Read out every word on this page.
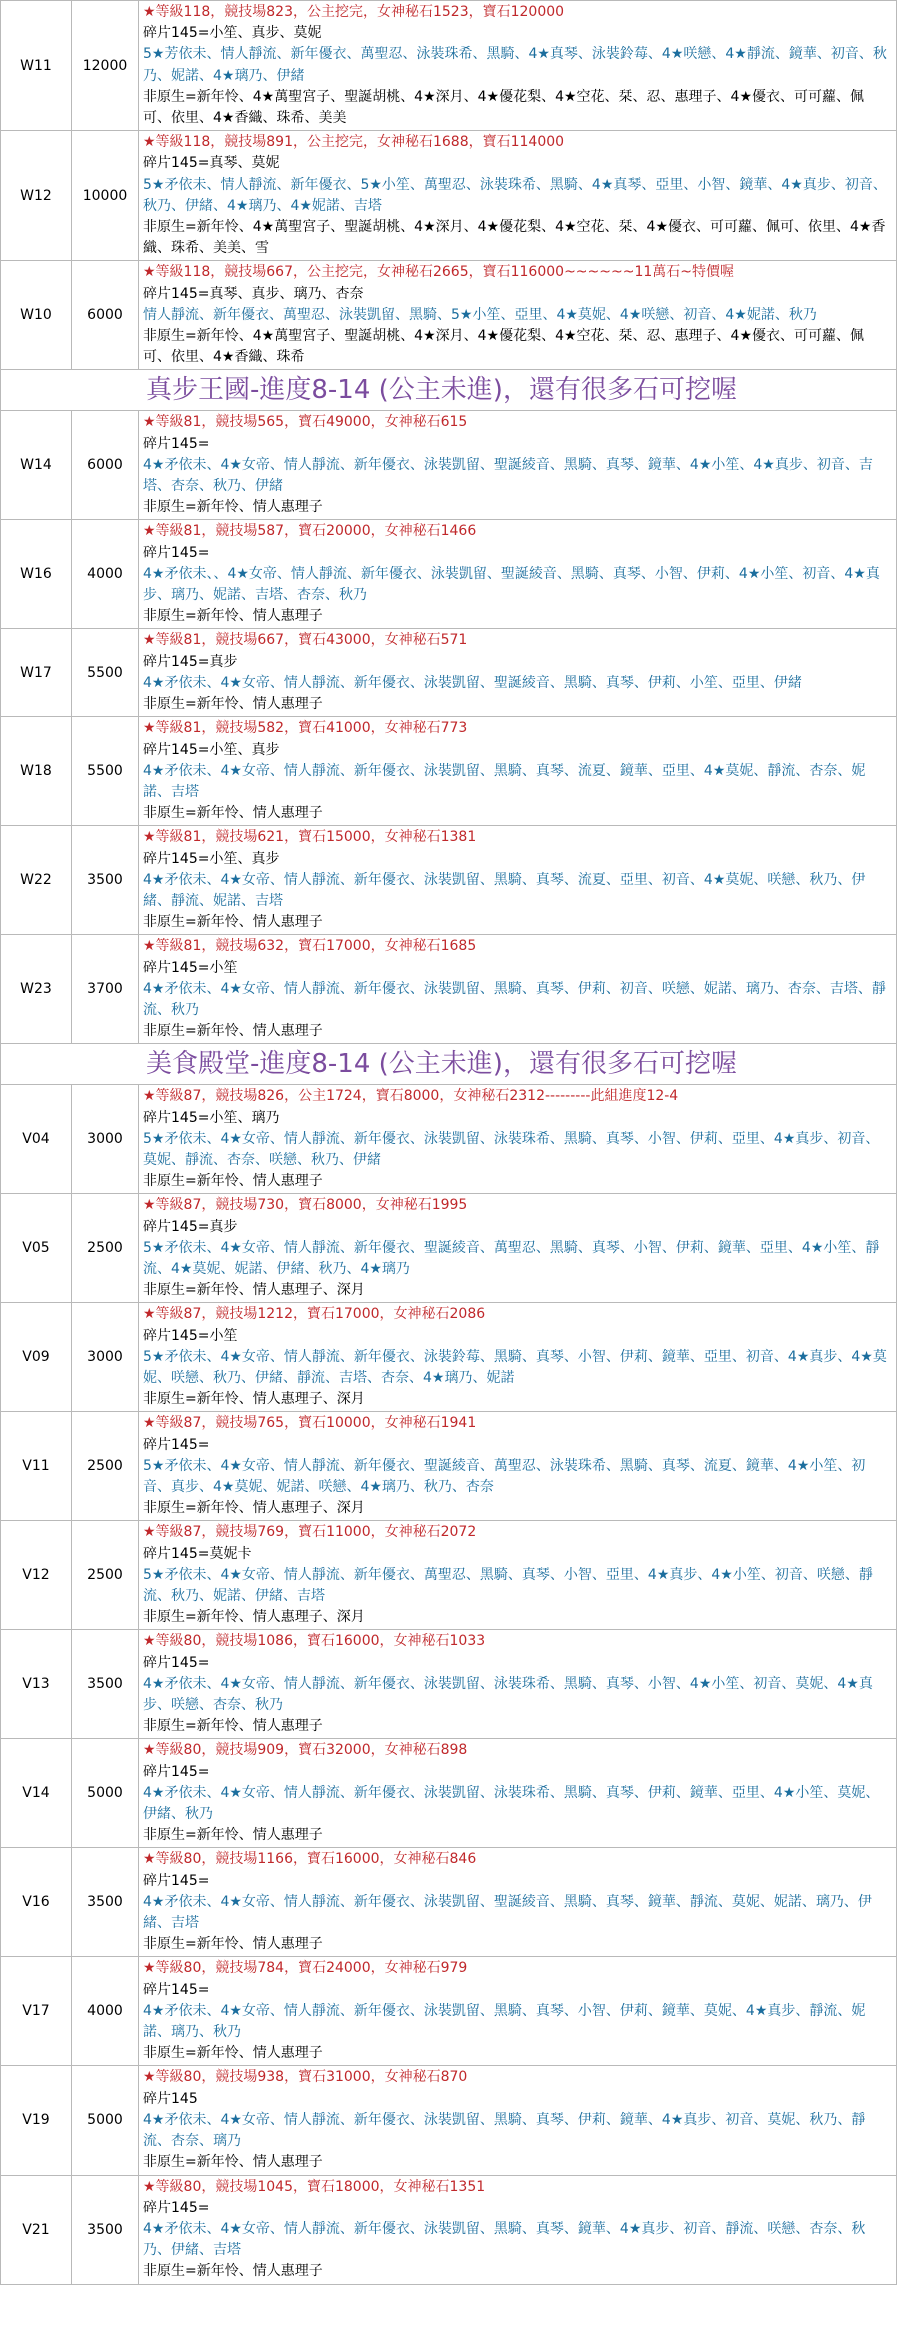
W11	12000	★等級118，競技場823，公主挖完，女神秘石1523，寶石120000
碎片145=小笙、真步、莫妮
5★芳依未、情人靜流、新年優衣、萬聖忍、泳裝珠希、黑騎、4★真琴、泳裝鈴莓、4★咲戀、4★靜流、鏡華、初音、秋乃、妮諾、4★璃乃、伊緒
非原生=新年怜、4★萬聖宮子、聖誕胡桃、4★深月、4★優花梨、4★空花、栞、忍、惠理子、4★優衣、可可蘿、佩可、依里、4★香織、珠希、美美

W12	10000	★等級118，競技場891，公主挖完，女神秘石1688，寶石114000
碎片145=真琴、莫妮
5★矛依未、情人靜流、新年優衣、5★小笙、萬聖忍、泳裝珠希、黑騎、4★真琴、亞里、小智、鏡華、4★真步、初音、秋乃、伊緒、4★璃乃、4★妮諾、吉塔
非原生=新年怜、4★萬聖宮子、聖誕胡桃、4★深月、4★優花梨、4★空花、栞、4★優衣、可可蘿、佩可、依里、4★香織、珠希、美美、雪

W10	6000	★等級118，競技場667，公主挖完，女神秘石2665，寶石116000~~~~~~11萬石~特價喔
碎片145=真琴、真步、璃乃、杏奈
情人靜流、新年優衣、萬聖忍、泳裝凱留、黑騎、5★小笙、亞里、4★莫妮、4★咲戀、初音、4★妮諾、秋乃
非原生=新年怜、4★萬聖宮子、聖誕胡桃、4★深月、4★優花梨、4★空花、栞、忍、惠理子、4★優衣、可可蘿、佩可、依里、4★香織、珠希

真步王國-進度8-14 (公主未進)，還有很多石可挖喔		
W14	6000	★等級81，競技場565，寶石49000，女神秘石615
碎片145=
4★矛依未、4★女帝、情人靜流、新年優衣、泳裝凱留、聖誕綾音、黑騎、真琴、鏡華、4★小笙、4★真步、初音、吉塔、杏奈、秋乃、伊緒
非原生=新年怜、情人惠理子

W16	4000	★等級81，競技場587，寶石20000，女神秘石1466
碎片145=
4★矛依未、、4★女帝、情人靜流、新年優衣、泳裝凱留、聖誕綾音、黑騎、真琴、小智、伊莉、4★小笙、初音、4★真步、璃乃、妮諾、吉塔、杏奈、秋乃
非原生=新年怜、情人惠理子

W17	5500	★等級81，競技場667，寶石43000，女神秘石571
碎片145=真步
4★矛依未、4★女帝、情人靜流、新年優衣、泳裝凱留、聖誕綾音、黑騎、真琴、伊莉、小笙、亞里、伊緒
非原生=新年怜、情人惠理子

W18	5500	★等級81，競技場582，寶石41000，女神秘石773
碎片145=小笙、真步
4★矛依未、4★女帝、情人靜流、新年優衣、泳裝凱留、黑騎、真琴、流夏、鏡華、亞里、4★莫妮、靜流、杏奈、妮諾、吉塔
非原生=新年怜、情人惠理子

W22	3500	★等級81，競技場621，寶石15000，女神秘石1381
碎片145=小笙、真步
4★矛依未、4★女帝、情人靜流、新年優衣、泳裝凱留、黑騎、真琴、流夏、亞里、初音、4★莫妮、咲戀、秋乃、伊緒、靜流、妮諾、吉塔
非原生=新年怜、情人惠理子

W23	3700	★等級81，競技場632，寶石17000，女神秘石1685
碎片145=小笙
4★矛依未、4★女帝、情人靜流、新年優衣、泳裝凱留、黑騎、真琴、伊莉、初音、咲戀、妮諾、璃乃、杏奈、吉塔、靜流、秋乃
非原生=新年怜、情人惠理子

美食殿堂-進度8-14 (公主未進)，還有很多石可挖喔		
V04	3000	★等級87，競技場826，公主1724，寶石8000，女神秘石2312---------此組進度12-4
碎片145=小笙、璃乃
5★矛依未、4★女帝、情人靜流、新年優衣、泳裝凱留、泳裝珠希、黑騎、真琴、小智、伊莉、亞里、4★真步、初音、莫妮、靜流、杏奈、咲戀、秋乃、伊緒
非原生=新年怜、情人惠理子

V05	2500	★等級87，競技場730，寶石8000，女神秘石1995
碎片145=真步
5★矛依未、4★女帝、情人靜流、新年優衣、聖誕綾音、萬聖忍、黑騎、真琴、小智、伊莉、鏡華、亞里、4★小笙、靜流、4★莫妮、妮諾、伊緒、秋乃、4★璃乃
非原生=新年怜、情人惠理子、深月

V09	3000	★等級87，競技場1212，寶石17000，女神秘石2086
碎片145=小笙
5★矛依未、4★女帝、情人靜流、新年優衣、泳裝鈴莓、黑騎、真琴、小智、伊莉、鏡華、亞里、初音、4★真步、4★莫妮、咲戀、秋乃、伊緒、靜流、吉塔、杏奈、4★璃乃、妮諾
非原生=新年怜、情人惠理子、深月

V11	2500	★等級87，競技場765，寶石10000，女神秘石1941
碎片145=
5★矛依未、4★女帝、情人靜流、新年優衣、聖誕綾音、萬聖忍、泳裝珠希、黑騎、真琴、流夏、鏡華、4★小笙、初音、真步、4★莫妮、妮諾、咲戀、4★璃乃、秋乃、杏奈
非原生=新年怜、情人惠理子、深月

V12	2500	★等級87，競技場769，寶石11000，女神秘石2072
碎片145=莫妮卡
5★矛依未、4★女帝、情人靜流、新年優衣、萬聖忍、黑騎、真琴、小智、亞里、4★真步、4★小笙、初音、咲戀、靜流、秋乃、妮諾、伊緒、吉塔
非原生=新年怜、情人惠理子、深月

V13	3500	★等級80，競技場1086，寶石16000，女神秘石1033
碎片145=
4★矛依未、4★女帝、情人靜流、新年優衣、泳裝凱留、泳裝珠希、黑騎、真琴、小智、4★小笙、初音、莫妮、4★真步、咲戀、杏奈、秋乃
非原生=新年怜、情人惠理子

V14	5000	★等級80，競技場909，寶石32000，女神秘石898
碎片145=
4★矛依未、4★女帝、情人靜流、新年優衣、泳裝凱留、泳裝珠希、黑騎、真琴、伊莉、鏡華、亞里、4★小笙、莫妮、伊緒、秋乃
非原生=新年怜、情人惠理子

V16	3500	★等級80，競技場1166，寶石16000，女神秘石846
碎片145=
4★矛依未、4★女帝、情人靜流、新年優衣、泳裝凱留、聖誕綾音、黑騎、真琴、鏡華、靜流、莫妮、妮諾、璃乃、伊緒、吉塔
非原生=新年怜、情人惠理子

V17	4000	★等級80，競技場784，寶石24000，女神秘石979
碎片145=
4★矛依未、4★女帝、情人靜流、新年優衣、泳裝凱留、黑騎、真琴、小智、伊莉、鏡華、莫妮、4★真步、靜流、妮諾、璃乃、秋乃
非原生=新年怜、情人惠理子

V19	5000	★等級80，競技場938，寶石31000，女神秘石870
碎片145
4★矛依未、4★女帝、情人靜流、新年優衣、泳裝凱留、黑騎、真琴、伊莉、鏡華、4★真步、初音、莫妮、秋乃、靜流、杏奈、璃乃
非原生=新年怜、情人惠理子

V21	3500	★等級80，競技場1045，寶石18000，女神秘石1351
碎片145=
4★矛依未、4★女帝、情人靜流、新年優衣、泳裝凱留、黑騎、真琴、鏡華、4★真步、初音、靜流、咲戀、杏奈、秋乃、伊緒、吉塔
非原生=新年怜、情人惠理子
